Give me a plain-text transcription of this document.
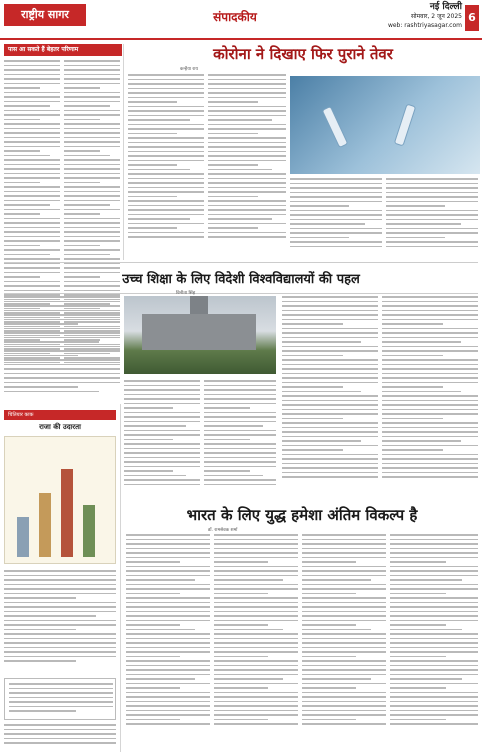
राष्ट्रीय सागर	संपादकीय
नई दिल्ली
सोमवार, 2 जून 2025
web: rashtriyasagar.com
6
पास आ सकते हैं बेहतर परिणाम	कोरोना ने दिखाए फिर पुराने तेवर
कन्हैया राय
उच्च शिक्षा के लिए विदेशी विश्वविद्यालयों की पहल
विनीता सिंह
चितियार काक
राजा की उदारता
भारत के लिए युद्ध हमेशा अंतिम विकल्प है
डॉ. रामसेवक शर्मा
